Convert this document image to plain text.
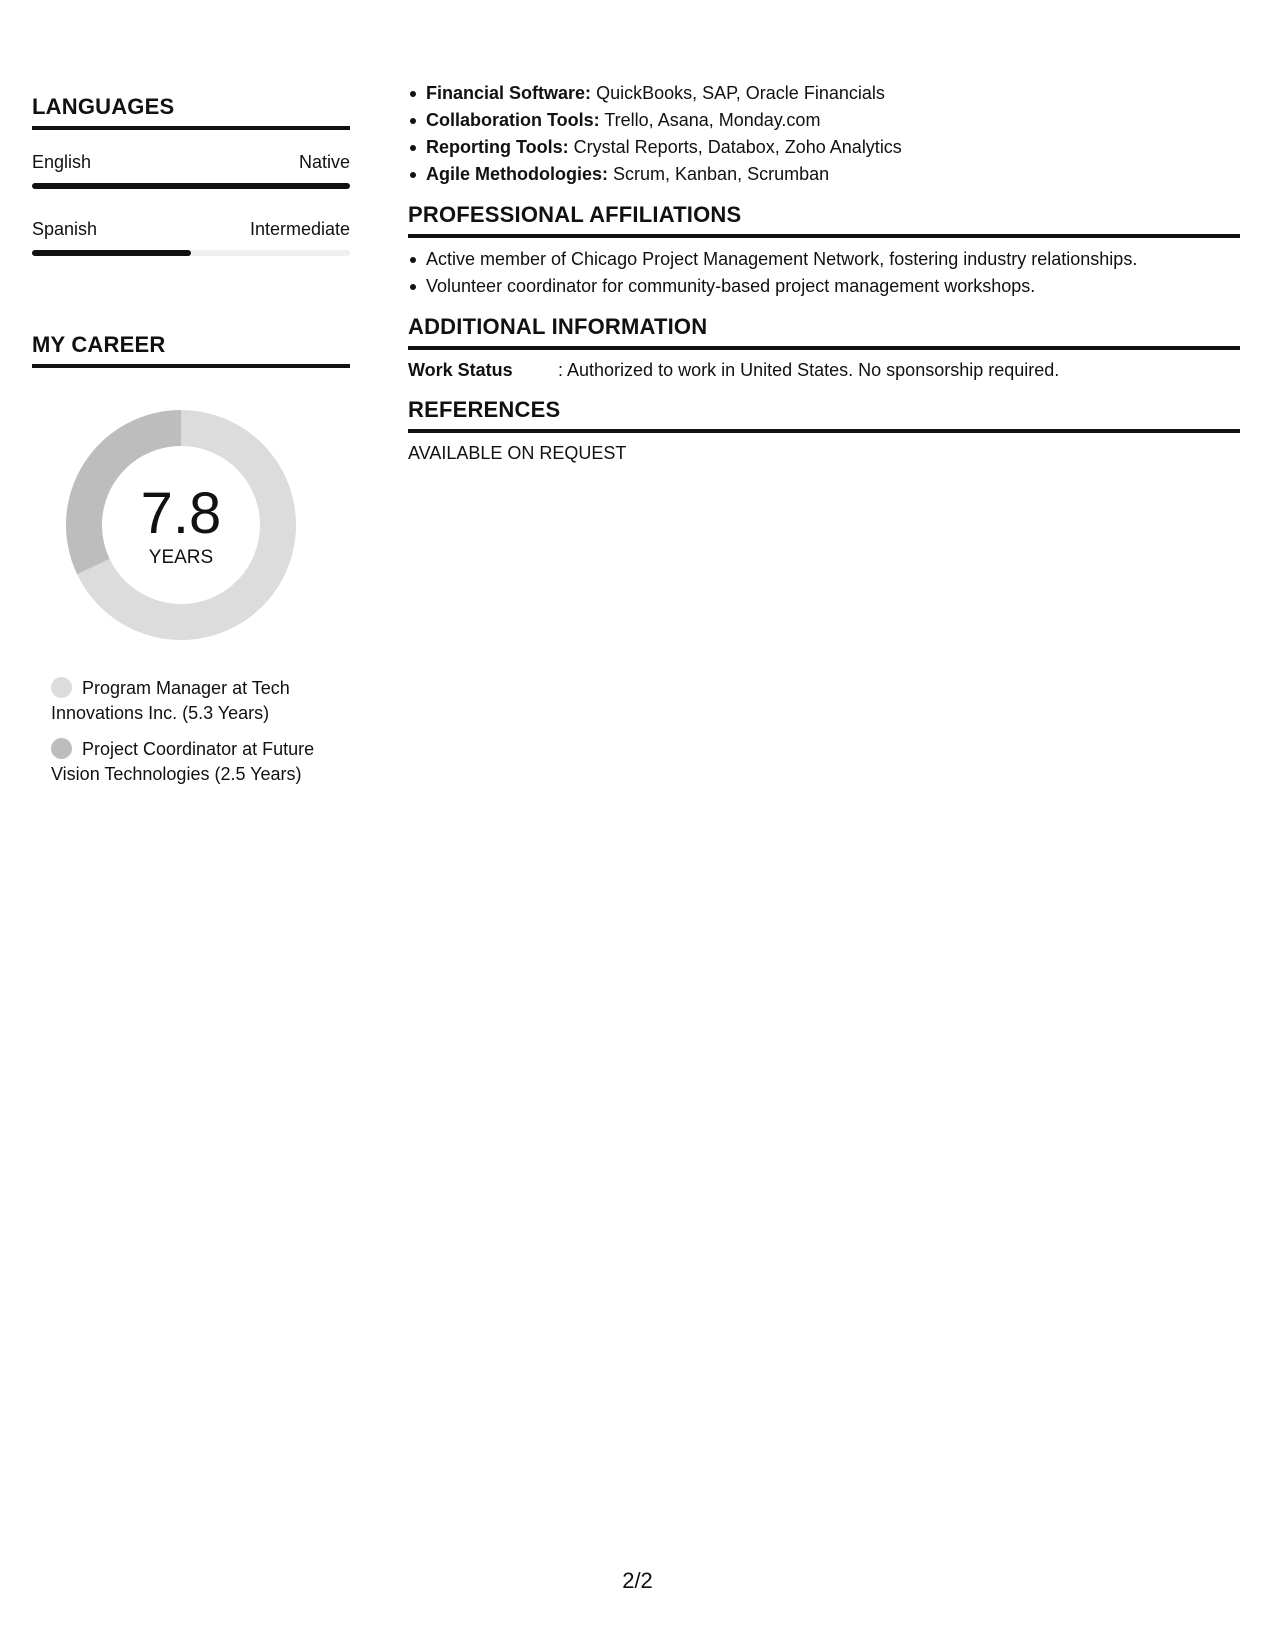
LANGUAGES
English	Native
Spanish	Intermediate
MY CAREER
7.8
YEARS
Program Manager at Tech Innovations Inc. (5.3 Years)
Project Coordinator at Future Vision Technologies (2.5 Years)
Financial Software: QuickBooks, SAP, Oracle Financials
Collaboration Tools: Trello, Asana, Monday.com
Reporting Tools: Crystal Reports, Databox, Zoho Analytics
Agile Methodologies: Scrum, Kanban, Scrumban
PROFESSIONAL AFFILIATIONS
Active member of Chicago Project Management Network, fostering industry relationships.
Volunteer coordinator for community-based project management workshops.
ADDITIONAL INFORMATION
Work Status	: Authorized to work in United States. No sponsorship required.
REFERENCES
AVAILABLE ON REQUEST
2/2
